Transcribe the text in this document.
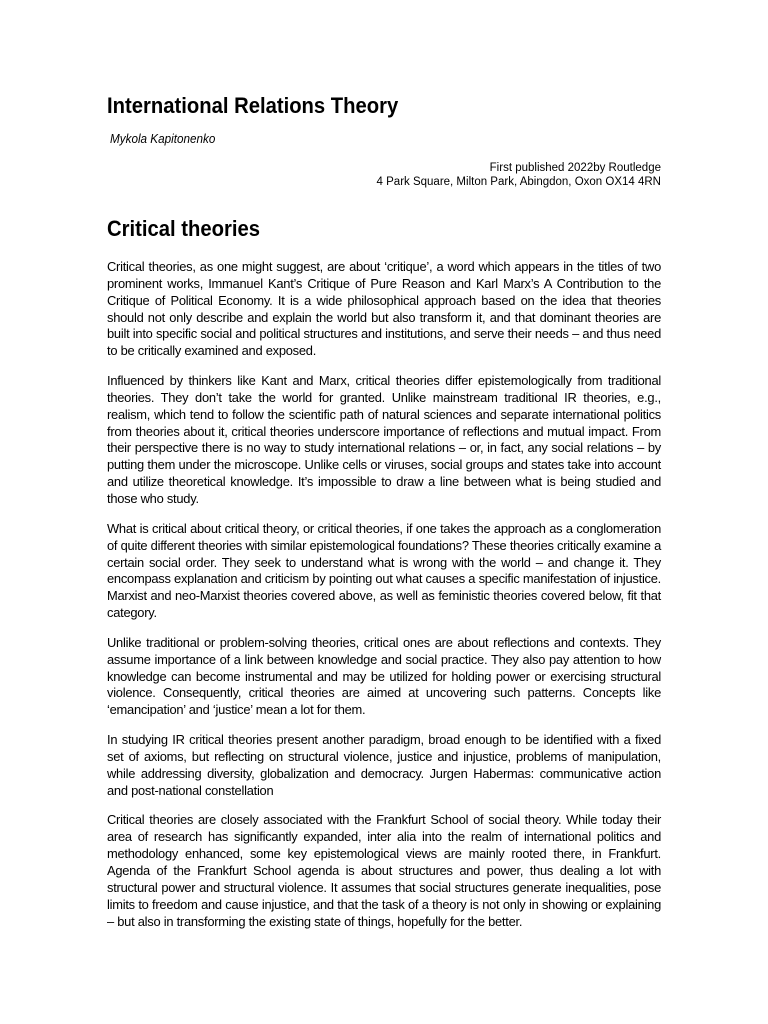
International Relations Theory
Mykola Kapitonenko
First published 2022by Routledge
4 Park Square, Milton Park, Abingdon, Oxon OX14 4RN
Critical theories

Critical theories, as one might suggest, are about ‘critique’, a word which appears in the titles of two prominent works, Immanuel Kant’s Critique of Pure Reason and Karl Marx’s A Contribution to the Critique of Political Economy. It is a wide philosophical approach based on the idea that theories should not only describe and explain the world but also transform it, and that dominant theories are built into specific social and political structures and institutions, and serve their needs – and thus need to be critically examined and exposed.

Influenced by thinkers like Kant and Marx, critical theories differ epistemologically from traditional theories. They don’t take the world for granted. Unlike mainstream traditional IR theories, e.g., realism, which tend to follow the scientific path of natural sciences and separate international politics from theories about it, critical theories underscore importance of reflections and mutual impact. From their perspective there is no way to study international relations – or, in fact, any social relations – by putting them under the microscope. Unlike cells or viruses, social groups and states take into account and utilize theoretical knowledge. It’s impossible to draw a line between what is being studied and those who study.

What is critical about critical theory, or critical theories, if one takes the approach as a conglomeration of quite different theories with similar epistemological foundations? These theories critically examine a certain social order. They seek to understand what is wrong with the world – and change it. They encompass explanation and criticism by pointing out what causes a specific manifestation of injustice. Marxist and neo-Marxist theories covered above, as well as feministic theories covered below, fit that category.

Unlike traditional or problem-solving theories, critical ones are about reflections and contexts. They assume importance of a link between knowledge and social practice. They also pay attention to how knowledge can become instrumental and may be utilized for holding power or exercising structural violence. Consequently, critical theories are aimed at uncovering such patterns. Concepts like ‘emancipation’ and ‘justice’ mean a lot for them.

In studying IR critical theories present another paradigm, broad enough to be identified with a fixed set of axioms, but reflecting on structural violence, justice and injustice, problems of manipulation, while addressing diversity, globalization and democracy. Jurgen Habermas: communicative action and post-national constellation

Critical theories are closely associated with the Frankfurt School of social theory. While today their area of research has significantly expanded, inter alia into the realm of international politics and methodology enhanced, some key epistemological views are mainly rooted there, in Frankfurt. Agenda of the Frankfurt School agenda is about structures and power, thus dealing a lot with structural power and structural violence. It assumes that social structures generate inequalities, pose limits to freedom and cause injustice, and that the task of a theory is not only in showing or explaining – but also in transforming the existing state of things, hopefully for the better.
